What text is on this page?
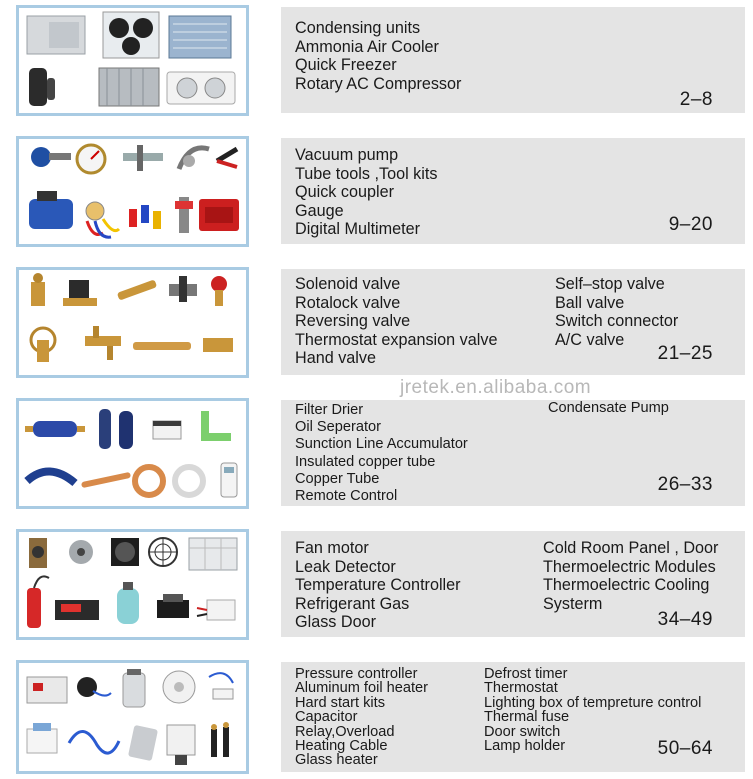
Condensing units
Ammonia Air Cooler
Quick Freezer
Rotary AC Compressor
2–8
Vacuum pump
Tube tools ,Tool kits
Quick coupler
Gauge
Digital Multimeter	9–20
Solenoid valve
Rotalock valve
Reversing valve
Thermostat expansion valve
Hand valve
Self–stop valve
Ball valve
Switch connector
A/C valve
21–25
jretek.en.alibaba.com
Filter Drier
Oil Seperator
Sunction Line Accumulator
Insulated copper tube
Copper Tube
Remote Control
Condensate Pump
26–33
Fan motor
Leak Detector
Temperature Controller
Refrigerant Gas
Glass Door
Cold Room Panel , Door
Thermoelectric Modules
Thermoelectric Cooling
Systerm
34–49
Pressure controller
Aluminum foil heater
Hard start kits
Capacitor
Relay,Overload
Heating Cable
Glass heater
Defrost timer
Thermostat
Lighting box of tempreture control
Thermal fuse
Door switch
Lamp holder	50–64
